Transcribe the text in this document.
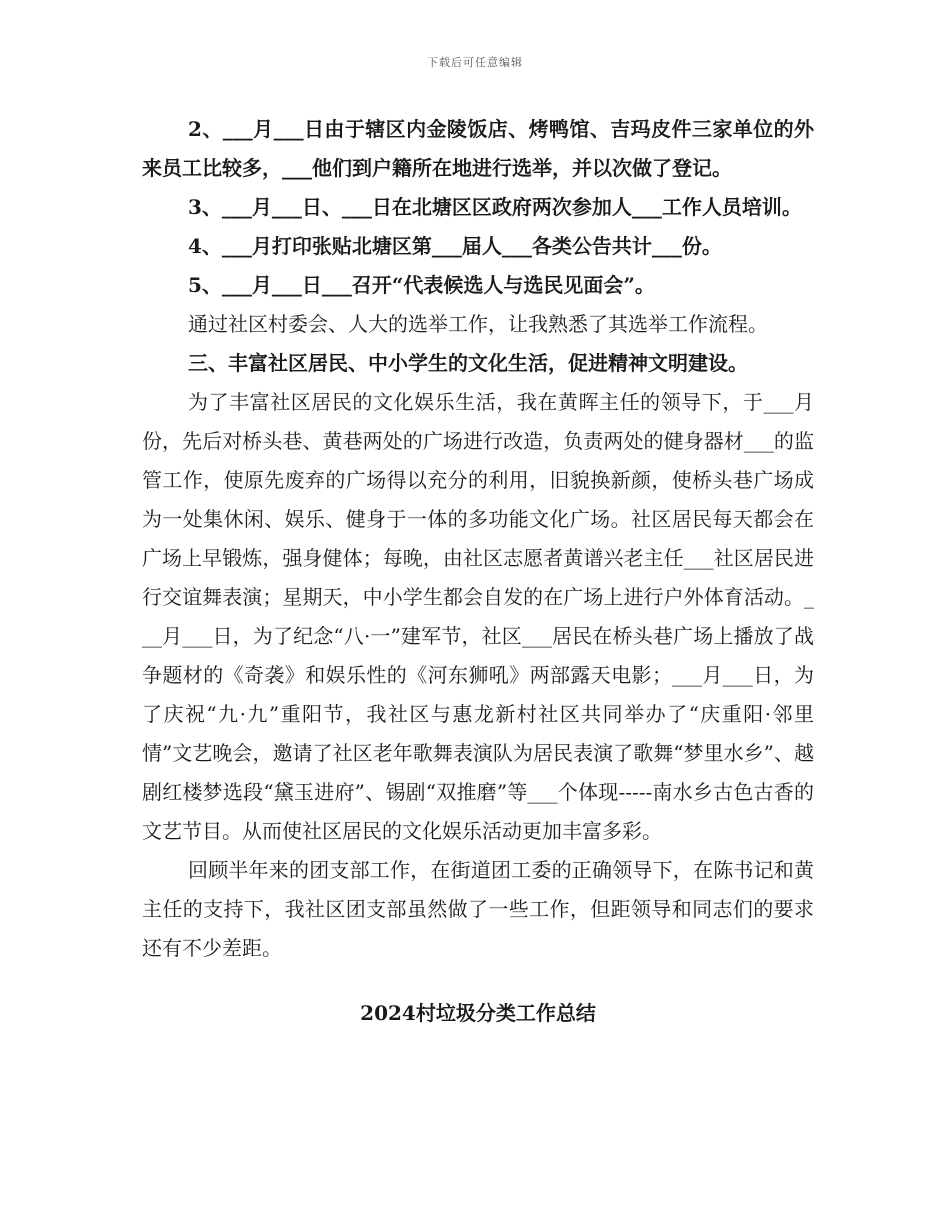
下载后可任意编辑

2、___月___日由于辖区内金陵饭店、烤鸭馆、吉玛皮件三家单位的外来员工比较多，___他们到户籍所在地进行选举，并以次做了登记。

3、___月___日、___日在北塘区区政府两次参加人___工作人员培训。

4、___月打印张贴北塘区第___届人___各类公告共计___份。

5、___月___日___召开“代表候选人与选民见面会”。

通过社区村委会、人大的选举工作，让我熟悉了其选举工作流程。

三、丰富社区居民、中小学生的文化生活，促进精神文明建设。

为了丰富社区居民的文化娱乐生活，我在黄晖主任的领导下，于___月份，先后对桥头巷、黄巷两处的广场进行改造，负责两处的健身器材___的监管工作，使原先废弃的广场得以充分的利用，旧貌换新颜，使桥头巷广场成为一处集休闲、娱乐、健身于一体的多功能文化广场。社区居民每天都会在广场上早锻炼，强身健体；每晚，由社区志愿者黄谱兴老主任___社区居民进行交谊舞表演；星期天，中小学生都会自发的在广场上进行户外体育活动。___月___日，为了纪念“八·一”建军节，社区___居民在桥头巷广场上播放了战争题材的《奇袭》和娱乐性的《河东狮吼》两部露天电影；___月___日，为了庆祝“九·九”重阳节，我社区与惠龙新村社区共同举办了“庆重阳·邻里情”文艺晚会，邀请了社区老年歌舞表演队为居民表演了歌舞“梦里水乡”、越剧红楼梦选段“黛玉进府”、锡剧“双推磨”等___个体现-----南水乡古色古香的文艺节目。从而使社区居民的文化娱乐活动更加丰富多彩。

回顾半年来的团支部工作，在街道团工委的正确领导下，在陈书记和黄主任的支持下，我社区团支部虽然做了一些工作，但距领导和同志们的要求还有不少差距。

2024村垃圾分类工作总结
